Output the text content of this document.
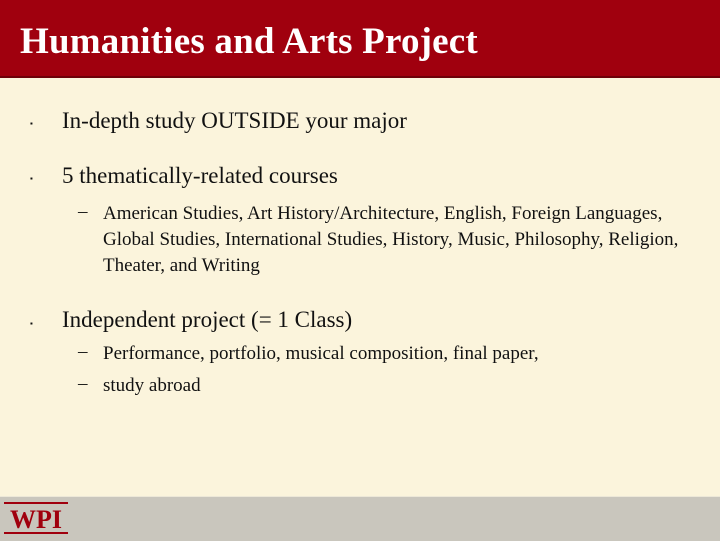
Humanities and Arts Project
▪ In-depth study OUTSIDE your major
▪ 5 thematically-related courses
– American Studies, Art History/Architecture, English, Foreign Languages, Global Studies, International Studies, History, Music, Philosophy, Religion, Theater, and Writing
▪ Independent project (= 1 Class)
– Performance, portfolio, musical composition, final paper,
– study abroad
WPI
